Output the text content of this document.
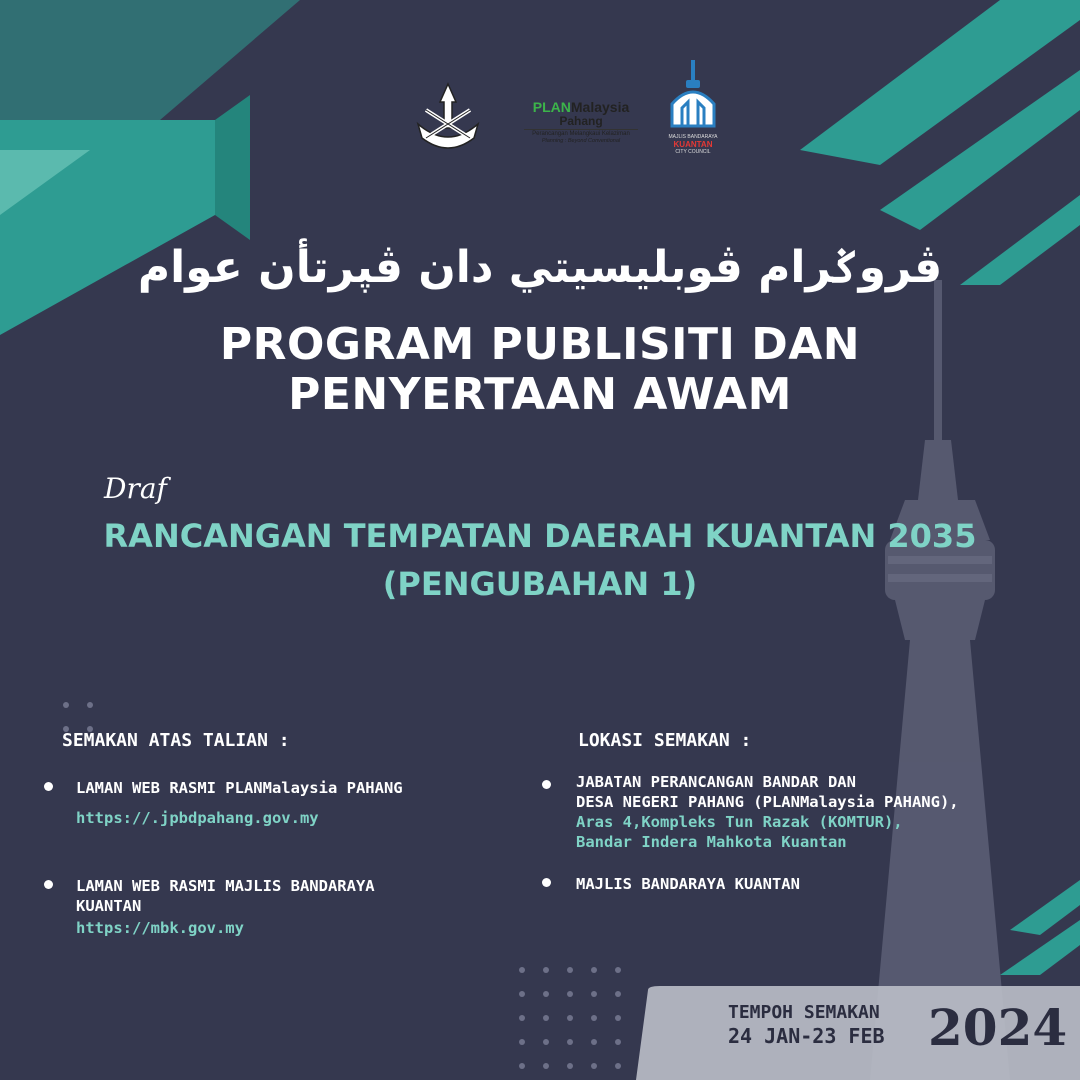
PLANMalaysia
Pahang
Perancangan Melangkaui Kelaziman
Planning : Beyond Conventional
MAJLIS BANDARAYA
KUANTAN
CITY COUNCIL
ڤروݢرام ڤوبليسيتي دان ڤڽرتأن عوام
PROGRAM PUBLISITI DAN
PENYERTAAN AWAM
Draf
RANCANGAN TEMPATAN DAERAH KUANTAN 2035
(PENGUBAHAN 1)
SEMAKAN ATAS TALIAN :
LAMAN WEB RASMI PLANMalaysia PAHANG
https://.jpbdpahang.gov.my
LAMAN WEB RASMI MAJLIS BANDARAYA
KUANTAN
https://mbk.gov.my
LOKASI SEMAKAN :
JABATAN PERANCANGAN BANDAR DAN
DESA NEGERI PAHANG (PLANMalaysia PAHANG),
Aras 4,Kompleks Tun Razak (KOMTUR),
Bandar Indera Mahkota Kuantan
MAJLIS BANDARAYA KUANTAN
TEMPOH SEMAKAN
24 JAN-23 FEB 2024
